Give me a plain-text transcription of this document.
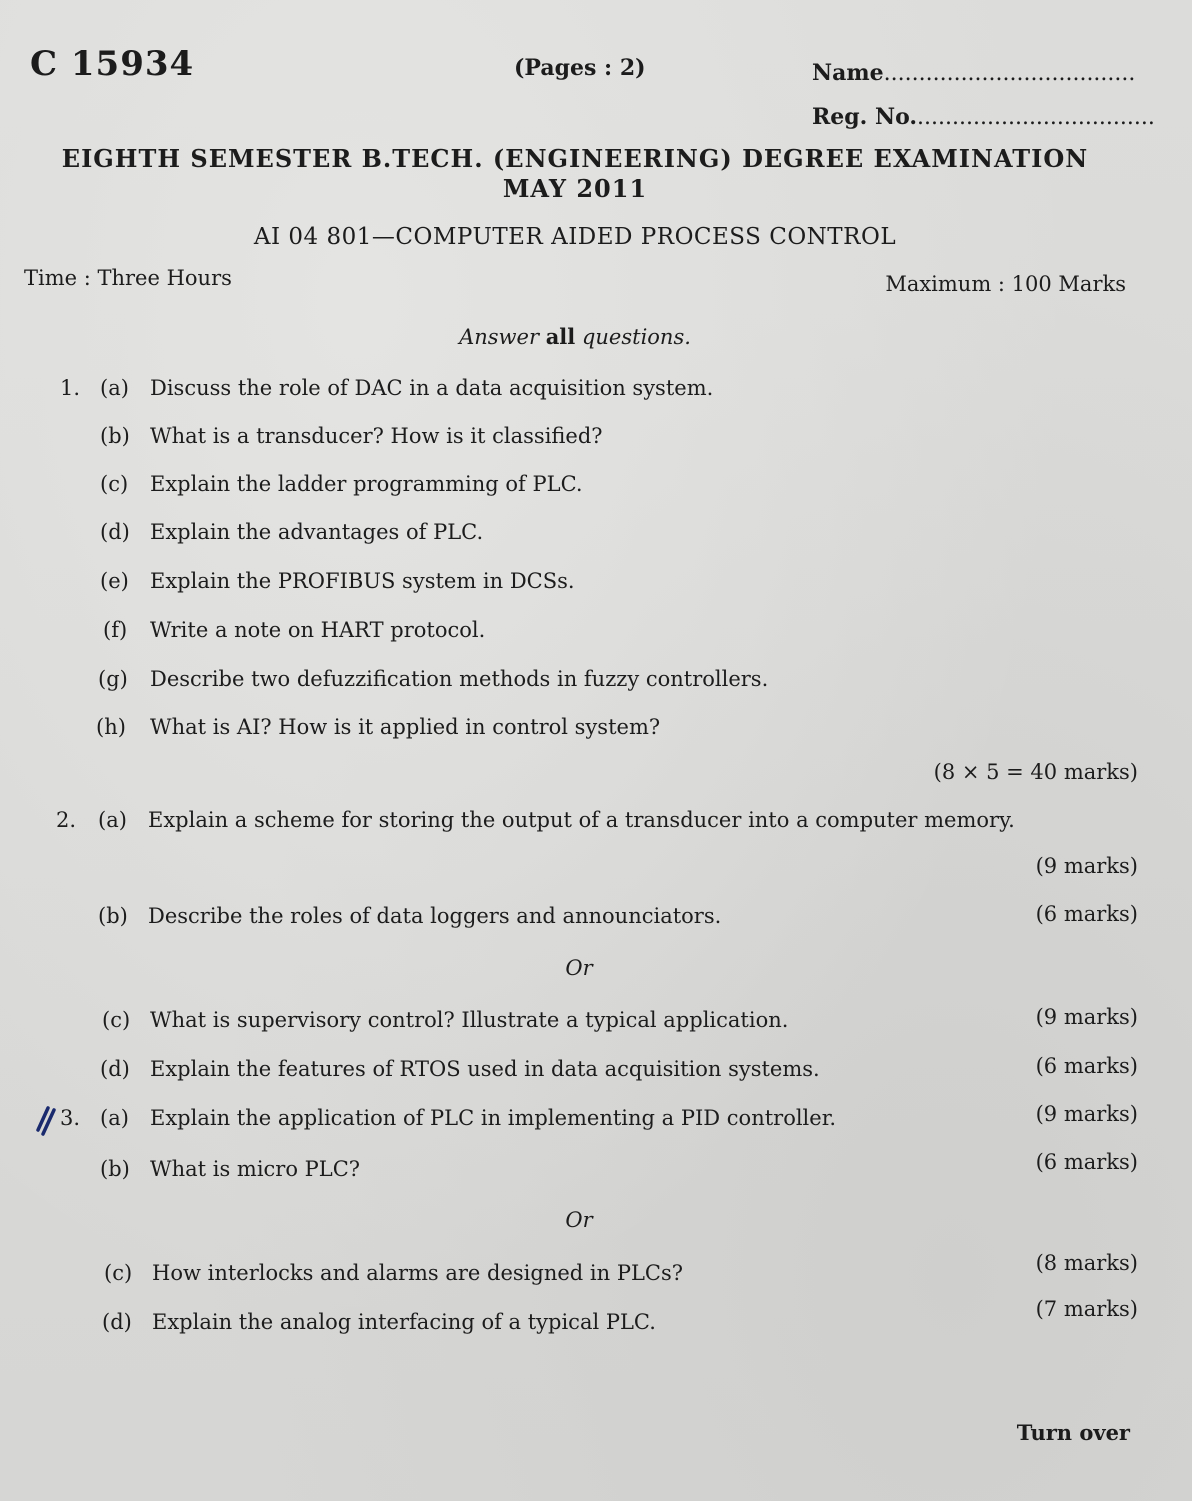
C 15934	(Pages : 2)	Name....................................
Reg. No...................................
EIGHTH SEMESTER B.TECH. (ENGINEERING) DEGREE EXAMINATION
MAY 2011
AI 04 801—COMPUTER AIDED PROCESS CONTROL
Time : Three Hours	Maximum : 100 Marks
Answer all questions.
1. (a) Discuss the role of DAC in a data acquisition system.
(b) What is a transducer? How is it classified?
(c) Explain the ladder programming of PLC.
(d) Explain the advantages of PLC.
(e) Explain the PROFIBUS system in DCSs.
(f) Write a note on HART protocol.
(g) Describe two defuzzification methods in fuzzy controllers.
(h) What is AI? How is it applied in control system?
(8 × 5 = 40 marks)
2. (a) Explain a scheme for storing the output of a transducer into a computer memory.
(9 marks)
(b) Describe the roles of data loggers and announciators.	(6 marks)
Or
(c) What is supervisory control? Illustrate a typical application.	(9 marks)
(d) Explain the features of RTOS used in data acquisition systems.	(6 marks)
3. (a) Explain the application of PLC in implementing a PID controller.	(9 marks)
(b) What is micro PLC?	(6 marks)
Or
(c) How interlocks and alarms are designed in PLCs?	(8 marks)
(d) Explain the analog interfacing of a typical PLC.
(7 marks)
Turn over
